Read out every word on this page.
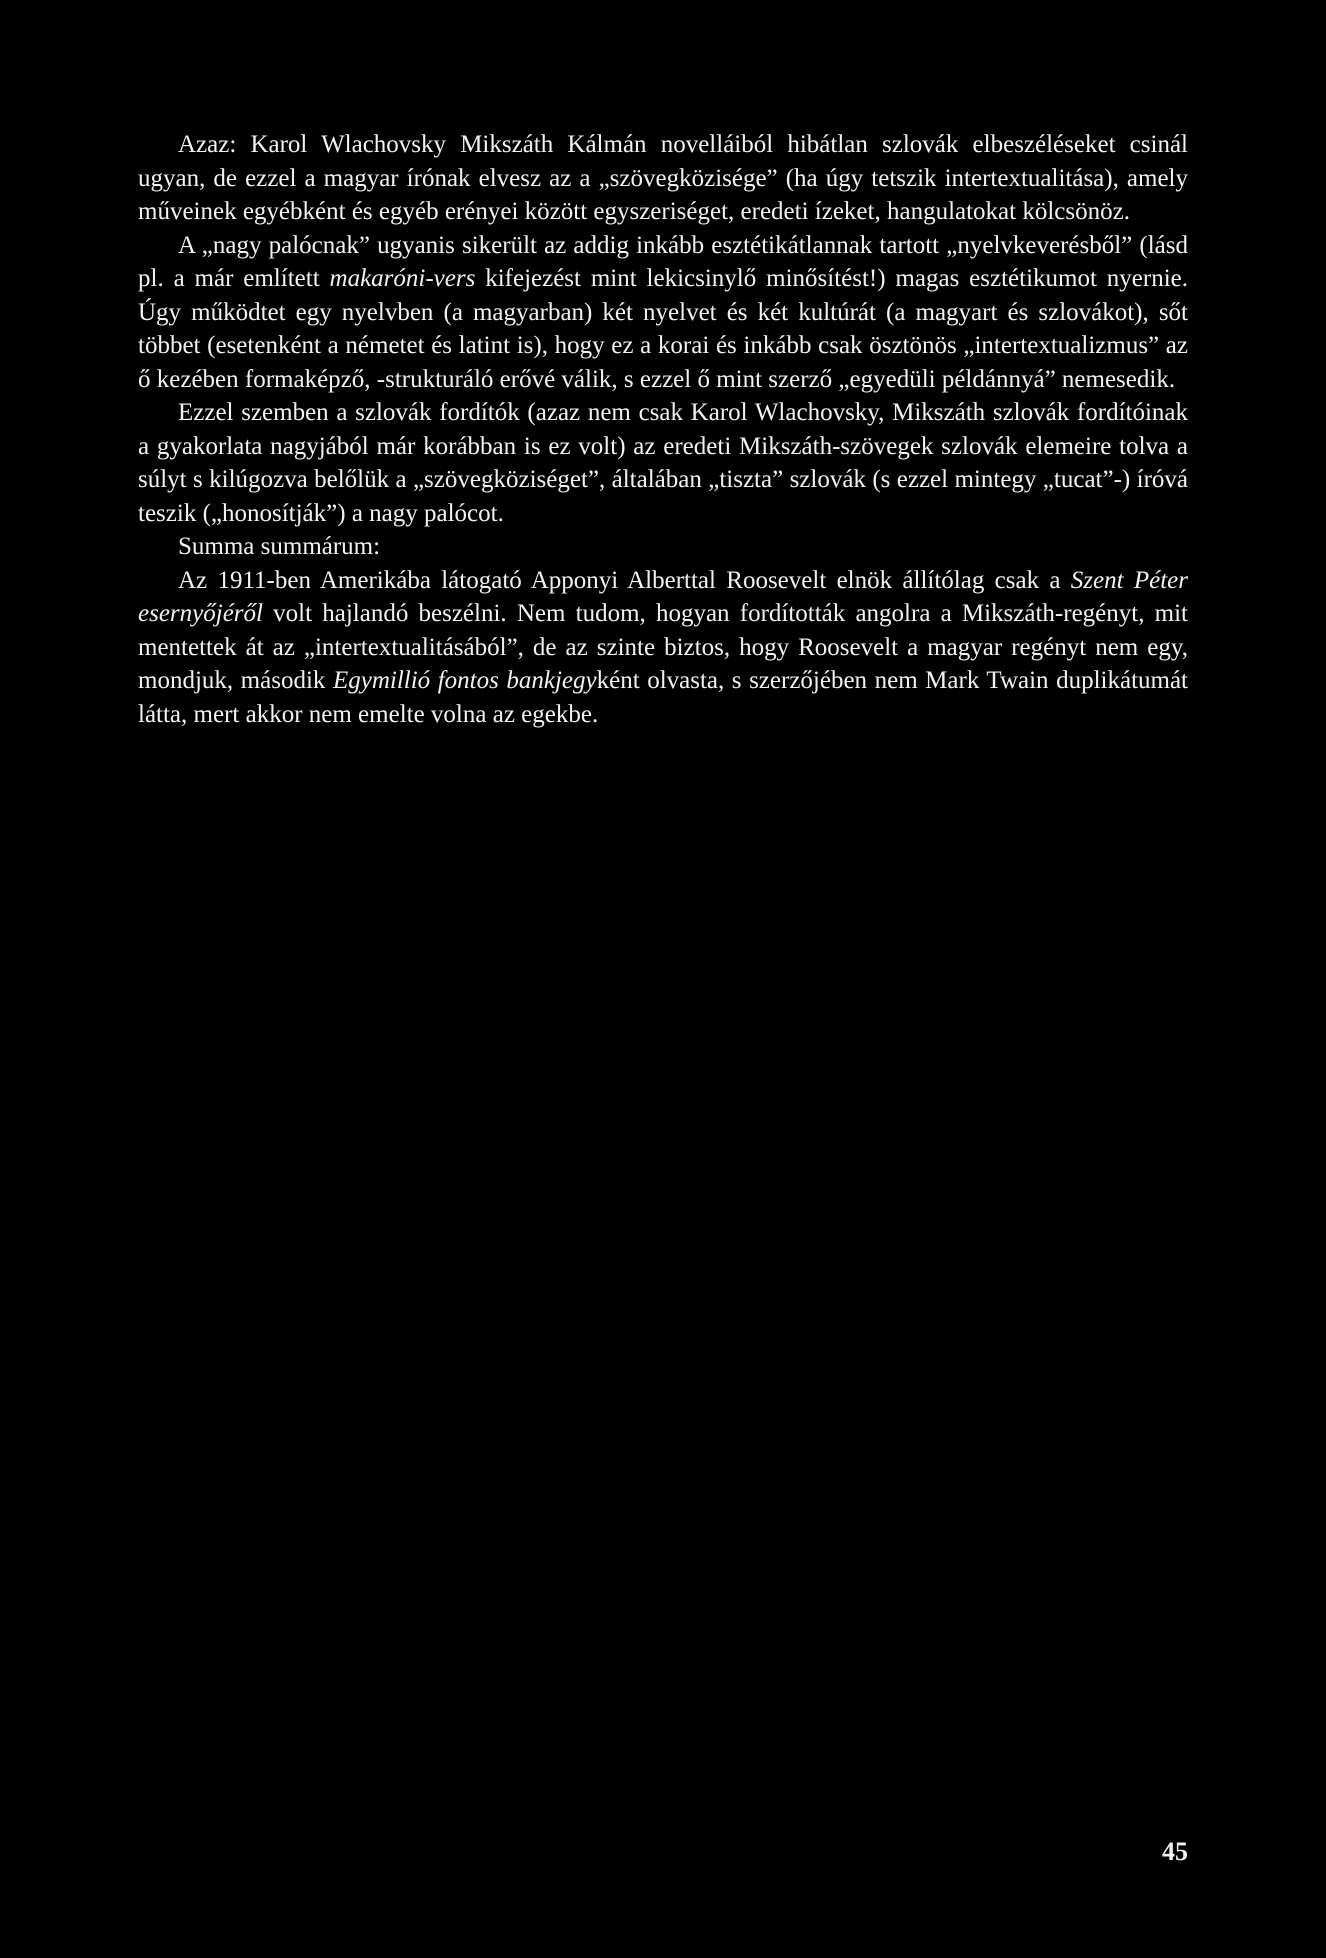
Azaz: Karol Wlachovsky Mikszáth Kálmán novelláiból hibátlan szlovák elbeszéléseket csinál ugyan, de ezzel a magyar írónak elvesz az a „szövegközisége” (ha úgy tetszik intertextualitása), amely műveinek egyébként és egyéb erényei között egyszeriséget, eredeti ízeket, hangulatokat kölcsönöz.

A „nagy palócnak” ugyanis sikerült az addig inkább esztétikátlannak tartott „nyelvkeverésből” (lásd pl. a már említett makaróni-vers kifejezést mint lekicsinylő minősítést!) magas esztétikumot nyernie. Úgy működtet egy nyelvben (a magyarban) két nyelvet és két kultúrát (a magyart és szlovákot), sőt többet (esetenként a németet és latint is), hogy ez a korai és inkább csak ösztönös „intertextualizmus” az ő kezében formaképző, -strukturáló erővé válik, s ezzel ő mint szerző „egyedüli példánnyá” nemesedik.

Ezzel szemben a szlovák fordítók (azaz nem csak Karol Wlachovsky, Mikszáth szlovák fordítóinak a gyakorlata nagyjából már korábban is ez volt) az eredeti Mikszáth-szövegek szlovák elemeire tolva a súlyt s kilúgozva belőlük a „szövegköziséget”, általában „tiszta” szlovák (s ezzel mintegy „tucat”-) íróvá teszik („honosítják”) a nagy palócot.

Summa summárum:

Az 1911-ben Amerikába látogató Apponyi Alberttal Roosevelt elnök állítólag csak a Szent Péter esernyőjéről volt hajlandó beszélni. Nem tudom, hogyan fordították angolra a Mikszáth-regényt, mit mentettek át az „intertextualitásából”, de az szinte biztos, hogy Roosevelt a magyar regényt nem egy, mondjuk, második Egymillió fontos bankjegyként olvasta, s szerzőjében nem Mark Twain duplikátumát látta, mert akkor nem emelte volna az egekbe.

45
